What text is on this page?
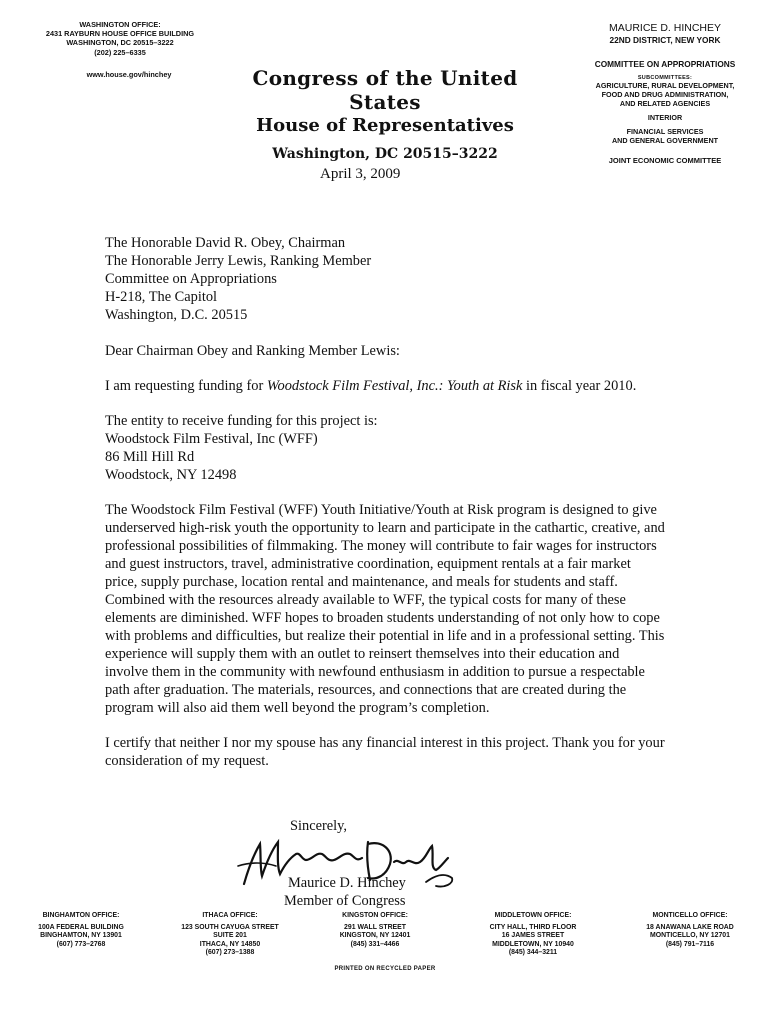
WASHINGTON OFFICE:
2431 RAYBURN HOUSE OFFICE BUILDING
WASHINGTON, DC 20515–3222
(202) 225–6335
www.house.gov/hinchey	Congress of the United States
House of Representatives
Washington, DC 20515–3222
MAURICE D. HINCHEY
22ND DISTRICT, NEW YORK
COMMITTEE ON APPROPRIATIONS
SUBCOMMITTEES:
AGRICULTURE, RURAL DEVELOPMENT,
FOOD AND DRUG ADMINISTRATION,
AND RELATED AGENCIES
INTERIOR
FINANCIAL SERVICES
AND GENERAL GOVERNMENT
JOINT ECONOMIC COMMITTEE
April 3, 2009

The Honorable David R. Obey, Chairman

The Honorable Jerry Lewis, Ranking Member

Committee on Appropriations

H-218, The Capitol

Washington, D.C. 20515

Dear Chairman Obey and Ranking Member Lewis:

I am requesting funding for Woodstock Film Festival, Inc.: Youth at Risk in fiscal year 2010.

The entity to receive funding for this project is:

Woodstock Film Festival, Inc (WFF)

86 Mill Hill Rd

Woodstock, NY 12498

The Woodstock Film Festival (WFF) Youth Initiative/Youth at Risk program is designed to give underserved high-risk youth the opportunity to learn and participate in the cathartic, creative, and professional possibilities of filmmaking. The money will contribute to fair wages for instructors and guest instructors, travel, administrative coordination, equipment rentals at a fair market price, supply purchase, location rental and maintenance, and meals for students and staff. Combined with the resources already available to WFF, the typical costs for many of these elements are diminished. WFF hopes to broaden students understanding of not only how to cope with problems and difficulties, but realize their potential in life and in a professional setting. This experience will supply them with an outlet to reinsert themselves into their education and involve them in the community with newfound enthusiasm in addition to pursue a respectable path after graduation. The materials, resources, and connections that are created during the program will also aid them well beyond the program’s completion.

I certify that neither I nor my spouse has any financial interest in this project. Thank you for your consideration of my request.

Sincerely,
Maurice D. Hinchey
Member of Congress
BINGHAMTON OFFICE:
100A FEDERAL BUILDING
BINGHAMTON, NY 13901
(607) 773–2768
ITHACA OFFICE:
123 SOUTH CAYUGA STREET
SUITE 201
ITHACA, NY 14850
(607) 273–1388
KINGSTON OFFICE:
291 WALL STREET
KINGSTON, NY 12401
(845) 331–4466
MIDDLETOWN OFFICE:
CITY HALL, THIRD FLOOR
16 JAMES STREET
MIDDLETOWN, NY 10940
(845) 344–3211
MONTICELLO OFFICE:
18 ANAWANA LAKE ROAD
MONTICELLO, NY 12701
(845) 791–7116
PRINTED ON RECYCLED PAPER
